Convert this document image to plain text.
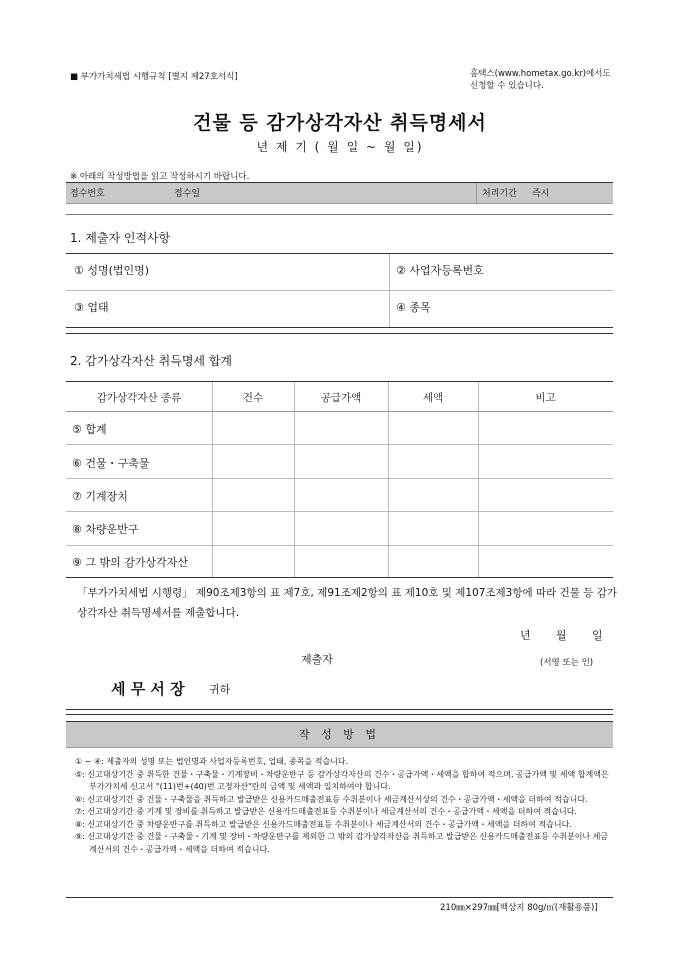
■ 부가가치세법 시행규칙 [별지 제27호서식]	홈택스(www.hometax.go.kr)에서도
신청할 수 있습니다.
건물 등 감가상각자산 취득명세서
년 제 기 ( 월 일 ~ 월 일)
※ 아래의 작성방법을 읽고 작성하시기 바랍니다.
접수번호	접수일	처리기간 즉시
1. 제출자 인적사항
① 성명(법인명)	② 사업자등록번호
③ 업태	④ 종목
2. 감가상각자산 취득명세 합계
감가상각자산 종류	건수	공급가액	세액	비고
⑤ 합계
⑥ 건물・구축물
⑦ 기계장치
⑧ 차량운반구
⑨ 그 밖의 감가상각자산
「부가가치세법 시행령」 제90조제3항의 표 제7호, 제91조제2항의 표 제10호 및 제107조제3항에 따라 건물 등 감가상각자산 취득명세서를 제출합니다.
년 월 일
제출자	(서명 또는 인)
세 무 서 장 귀하
작 성 방 법
① ~ ④: 제출자의 성명 또는 법인명과 사업자등록번호, 업태, 종목을 적습니다.
⑤: 신고대상기간 중 취득한 건물・구축물・기계장비・차량운반구 등 감가상각자산의 건수・공급가액・세액을 합하여 적으며, 공급가액 및 세액 합계액은 부가가치세 신고서 "(11)번+(40)번 고정자산"란의 금액 및 세액과 일치하여야 합니다.
⑥: 신고대상기간 중 건물・구축물을 취득하고 발급받은 신용카드매출전표등 수취분이나 세금계산서상의 건수・공급가액・세액을 더하여 적습니다.
⑦: 신고대상기간 중 기계 및 장비를 취득하고 발급받은 신용카드매출전표등 수취분이나 세금계산서의 건수・공급가액・세액을 더하여 적습니다.
⑧: 신고대상기간 중 차량운반구를 취득하고 발급받은 신용카드매출전표등 수취분이나 세금계산서의 건수・공급가액・세액을 더하여 적습니다.
⑨: 신고대상기간 중 건물・구축물・기계 및 장비・차량운반구를 제외한 그 밖의 감가상각자산을 취득하고 발급받은 신용카드매출전표등 수취분이나 세금계산서의 건수・공급가액・세액을 더하여 적습니다.
210㎜×297㎜[백상지 80g/㎡(재활용품)]
